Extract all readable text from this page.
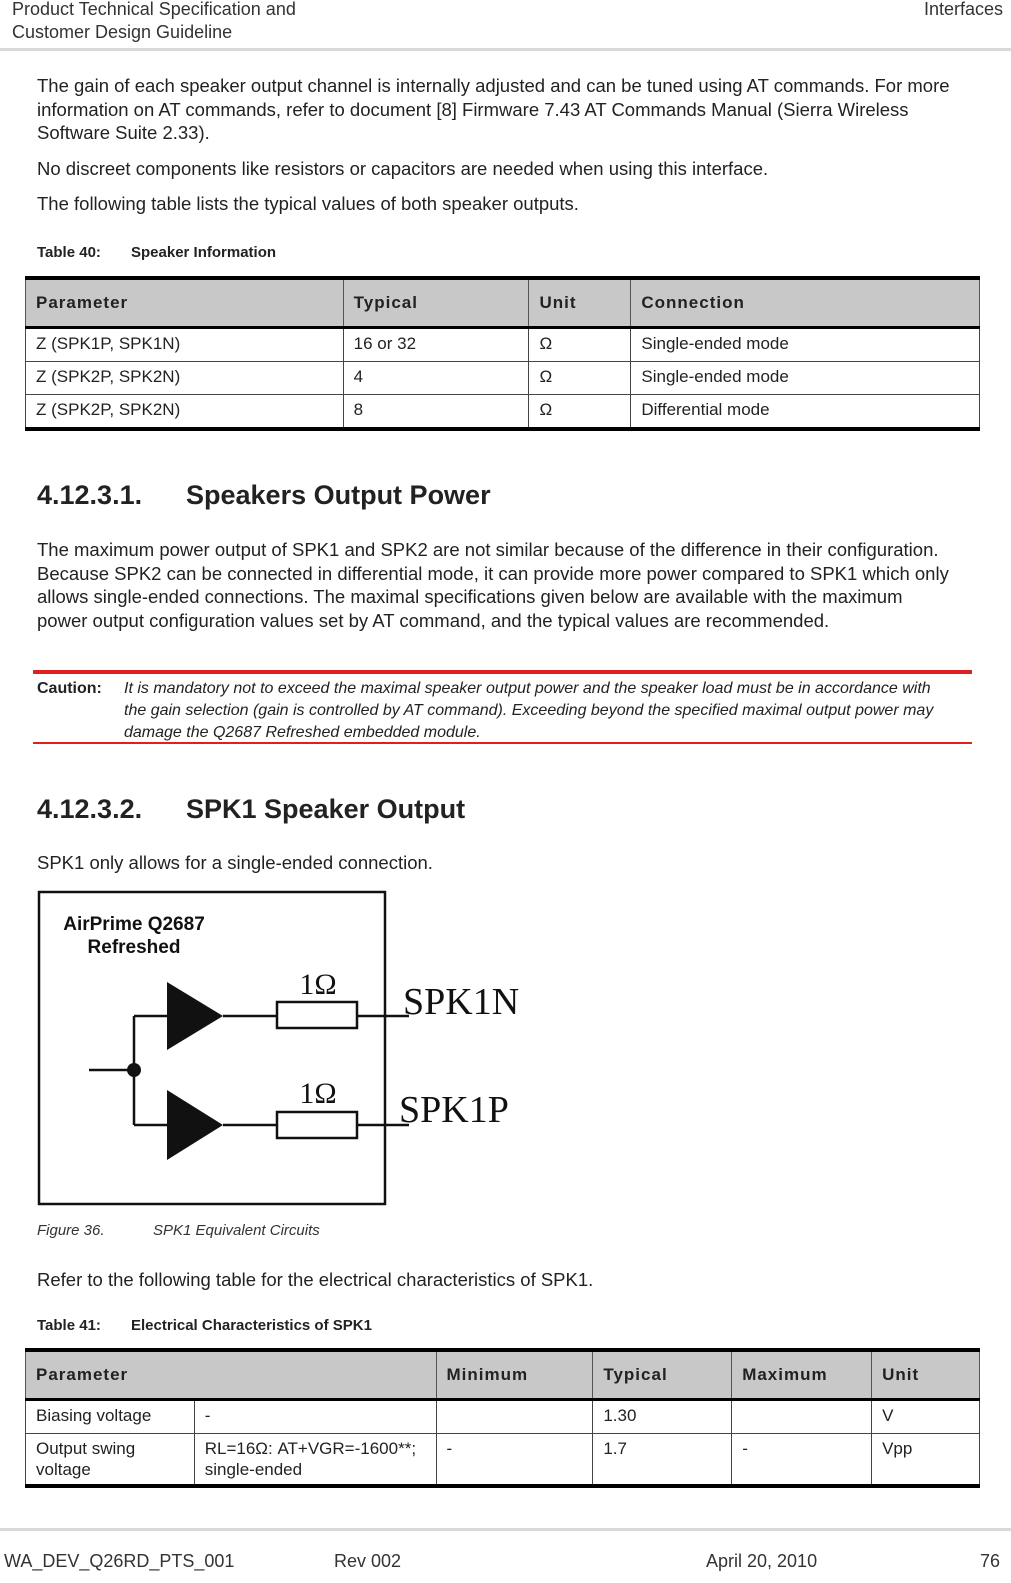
Product Technical Specification and
Customer Design Guideline
Interfaces

The gain of each speaker output channel is internally adjusted and can be tuned using AT commands. For more information on AT commands, refer to document [8] Firmware 7.43 AT Commands Manual (Sierra Wireless Software Suite 2.33).

No discreet components like resistors or capacitors are needed when using this interface.

The following table lists the typical values of both speaker outputs.

Table 40: Speaker Information
Parameter	Typical	Unit	Connection
Z (SPK1P, SPK1N)	16 or 32	Ω	Single-ended mode
Z (SPK2P, SPK2N)	4	Ω	Single-ended mode
Z (SPK2P, SPK2N)	8	Ω	Differential mode
4.12.3.1. Speakers Output Power

The maximum power output of SPK1 and SPK2 are not similar because of the difference in their configuration. Because SPK2 can be connected in differential mode, it can provide more power compared to SPK1 which only allows single-ended connections. The maximal specifications given below are available with the maximum power output configuration values set by AT command, and the typical values are recommended.

Caution: It is mandatory not to exceed the maximal speaker output power and the speaker load must be in accordance with the gain selection (gain is controlled by AT command). Exceeding beyond the specified maximal output power may damage the Q2687 Refreshed embedded module.
4.12.3.2. SPK1 Speaker Output

SPK1 only allows for a single-ended connection.

AirPrime Q2687
Refreshed
1Ω
1Ω
SPK1N
SPK1P
Figure 36.	SPK1 Equivalent Circuits

Refer to the following table for the electrical characteristics of SPK1.

Table 41: Electrical Characteristics of SPK1
Parameter		Minimum	Typical	Maximum	Unit
Biasing voltage	-		1.30		V
Output swing voltage	RL=16Ω: AT+VGR=-1600**; single-ended	-	1.7	-	Vpp
WA_DEV_Q26RD_PTS_001	Rev 002	April 20, 2010	76
